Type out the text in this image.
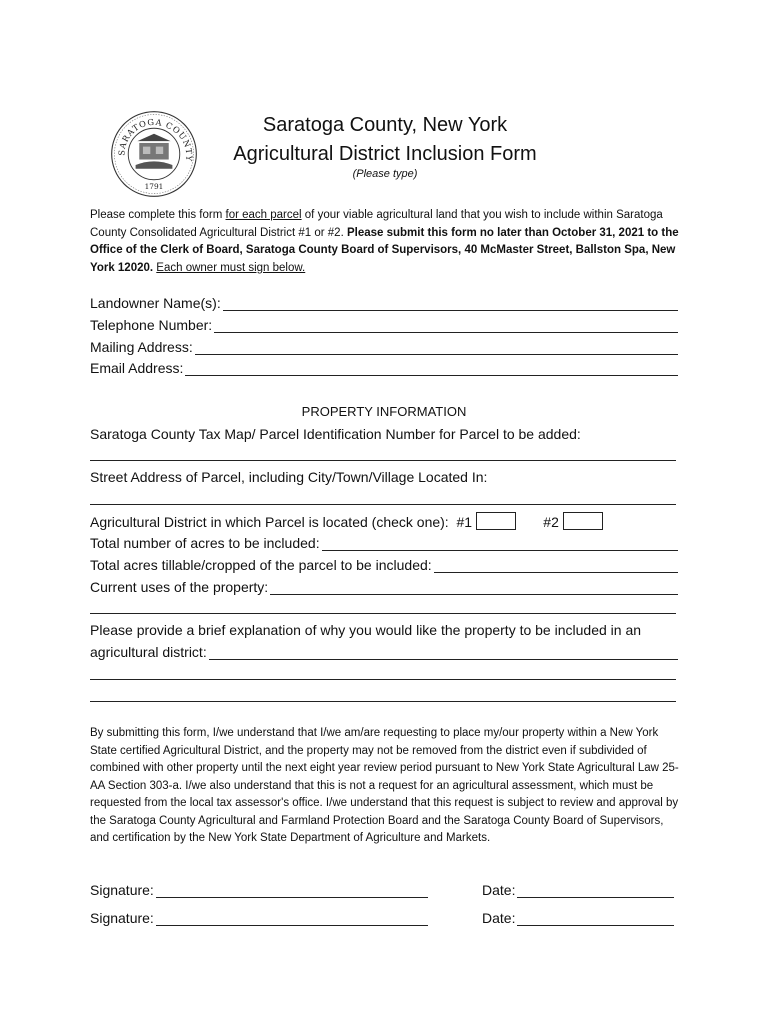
SARATOGA COUNTY
1791
Saratoga County, New York
Agricultural District Inclusion Form
(Please type)
Please complete this form for each parcel of your viable agricultural land that you wish to include within Saratoga County Consolidated Agricultural District #1 or #2. Please submit this form no later than October 31, 2021 to the Office of the Clerk of Board, Saratoga County Board of Supervisors, 40 McMaster Street, Ballston Spa, New York 12020. Each owner must sign below.
Landowner Name(s):
Telephone Number:
Mailing Address:
Email Address:
PROPERTY INFORMATION
Saratoga County Tax Map/ Parcel Identification Number for Parcel to be added:
Street Address of Parcel, including City/Town/Village Located In:
Agricultural District in which Parcel is located (check one): #1	#2
Total number of acres to be included:
Total acres tillable/cropped of the parcel to be included:
Current uses of the property:
Please provide a brief explanation of why you would like the property to be included in an
agricultural district:
By submitting this form, I/we understand that I/we am/are requesting to place my/our property within a New York State certified Agricultural District, and the property may not be removed from the district even if subdivided of combined with other property until the next eight year review period pursuant to New York State Agricultural Law 25-AA Section 303-a. I/we also understand that this is not a request for an agricultural assessment, which must be requested from the local tax assessor's office. I/we understand that this request is subject to review and approval by the Saratoga County Agricultural and Farmland Protection Board and the Saratoga County Board of Supervisors, and certification by the New York State Department of Agriculture and Markets.
Signature:	Date:
Signature:	Date:
